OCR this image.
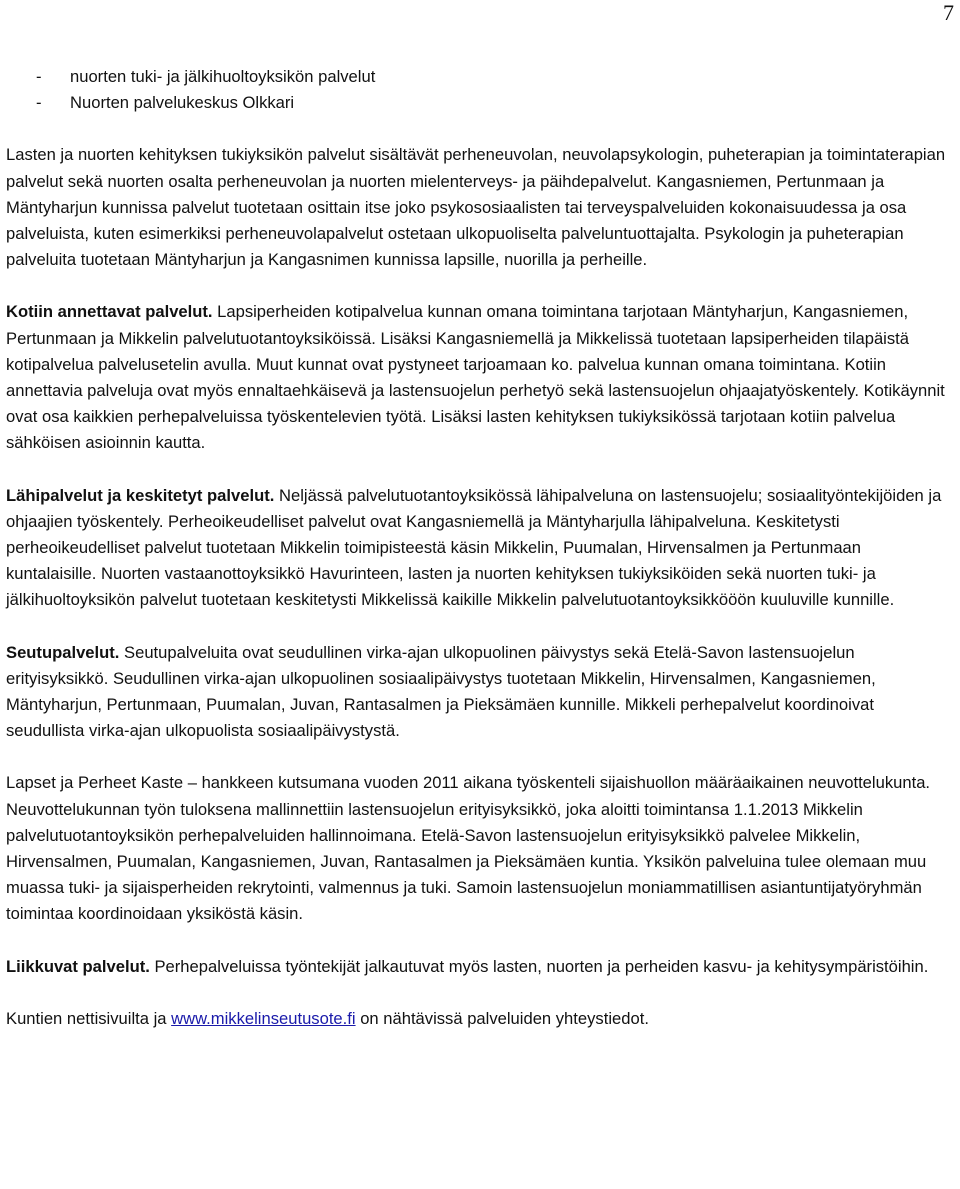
7
- nuorten tuki- ja jälkihuoltoyksikön palvelut
- Nuorten palvelukeskus Olkkari

Lasten ja nuorten kehityksen tukiyksikön palvelut sisältävät perheneuvolan, neuvolapsykologin, puheterapian ja toimintaterapian palvelut sekä nuorten osalta perheneuvolan ja nuorten mielenterveys- ja päihdepalvelut. Kangasniemen, Pertunmaan ja Mäntyharjun kunnissa palvelut tuotetaan osittain itse joko psykososiaalisten tai terveyspalveluiden kokonaisuudessa ja osa palveluista, kuten esimerkiksi perheneuvolapalvelut ostetaan ulkopuoliselta palveluntuottajalta. Psykologin ja puheterapian palveluita tuotetaan Mäntyharjun ja Kangasnimen kunnissa lapsille, nuorilla ja perheille.

Kotiin annettavat palvelut. Lapsiperheiden kotipalvelua kunnan omana toimintana tarjotaan Mäntyharjun, Kangasniemen, Pertunmaan ja Mikkelin palvelutuotantoyksiköissä. Lisäksi Kangasniemellä ja Mikkelissä tuotetaan lapsiperheiden tilapäistä kotipalvelua palvelusetelin avulla. Muut kunnat ovat pystyneet tarjoamaan ko. palvelua kunnan omana toimintana. Kotiin annettavia palveluja ovat myös ennaltaehkäisevä ja lastensuojelun perhetyö sekä lastensuojelun ohjaajatyöskentely. Kotikäynnit ovat osa kaikkien perhepalveluissa työskentelevien työtä. Lisäksi lasten kehityksen tukiyksikössä tarjotaan kotiin palvelua sähköisen asioinnin kautta.

Lähipalvelut ja keskitetyt palvelut. Neljässä palvelutuotantoyksikössä lähipalveluna on lastensuojelu; sosiaalityöntekijöiden ja ohjaajien työskentely. Perheoikeudelliset palvelut ovat Kangasniemellä ja Mäntyharjulla lähipalveluna. Keskitetysti perheoikeudelliset palvelut tuotetaan Mikkelin toimipisteestä käsin Mikkelin, Puumalan, Hirvensalmen ja Pertunmaan kuntalaisille. Nuorten vastaanottoyksikkö Havurinteen, lasten ja nuorten kehityksen tukiyksiköiden sekä nuorten tuki- ja jälkihuoltoyksikön palvelut tuotetaan keskitetysti Mikkelissä kaikille Mikkelin palvelutuotantoyksikkööön kuuluville kunnille.

Seutupalvelut. Seutupalveluita ovat seudullinen virka-ajan ulkopuolinen päivystys sekä Etelä-Savon lastensuojelun erityisyksikkö. Seudullinen virka-ajan ulkopuolinen sosiaalipäivystys tuotetaan Mikkelin, Hirvensalmen, Kangasniemen, Mäntyharjun, Pertunmaan, Puumalan, Juvan, Rantasalmen ja Pieksämäen kunnille. Mikkeli perhepalvelut koordinoivat seudullista virka-ajan ulkopuolista sosiaalipäivystystä.

Lapset ja Perheet Kaste – hankkeen kutsumana vuoden 2011 aikana työskenteli sijaishuollon määräaikainen neuvottelukunta. Neuvottelukunnan työn tuloksena mallinnettiin lastensuojelun erityisyksikkö, joka aloitti toimintansa 1.1.2013 Mikkelin palvelutuotantoyksikön perhepalveluiden hallinnoimana. Etelä-Savon lastensuojelun erityisyksikkö palvelee Mikkelin, Hirvensalmen, Puumalan, Kangasniemen, Juvan, Rantasalmen ja Pieksämäen kuntia. Yksikön palveluina tulee olemaan muu muassa tuki- ja sijaisperheiden rekrytointi, valmennus ja tuki. Samoin lastensuojelun moniammatillisen asiantuntijatyöryhmän toimintaa koordinoidaan yksiköstä käsin.

Liikkuvat palvelut. Perhepalveluissa työntekijät jalkautuvat myös lasten, nuorten ja perheiden kasvu- ja kehitysympäristöihin.

Kuntien nettisivuilta ja www.mikkelinseutusote.fi on nähtävissä palveluiden yhteystiedot.
